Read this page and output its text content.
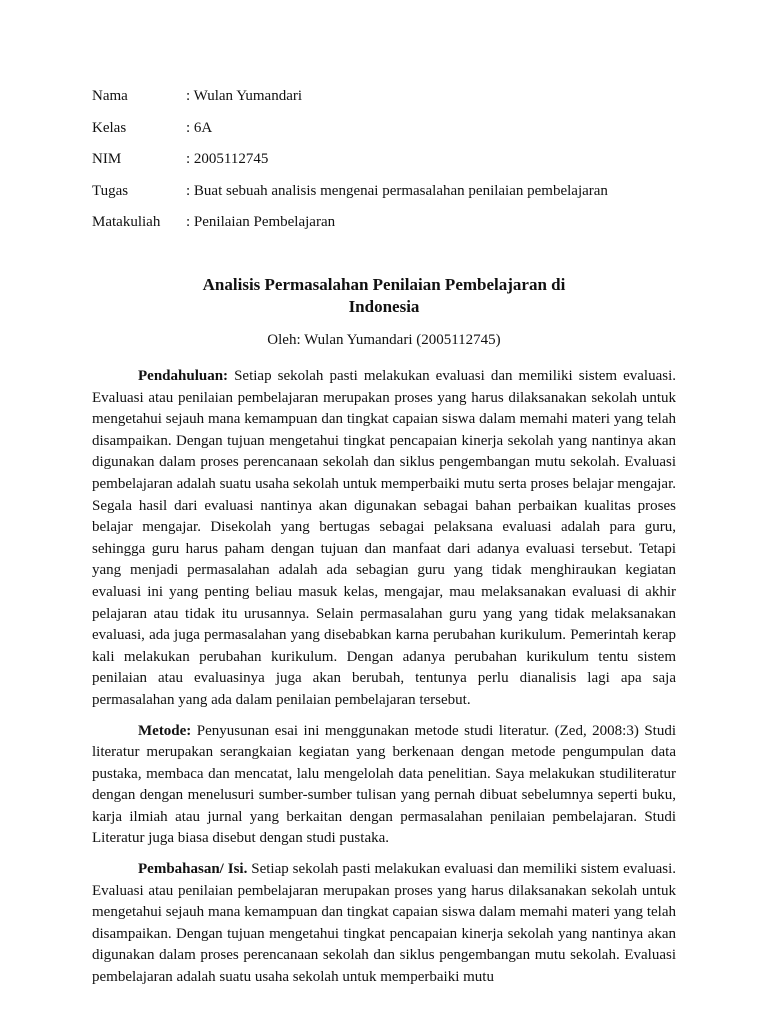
Nama	: Wulan Yumandari
Kelas	: 6A
NIM	: 2005112745
Tugas	: Buat sebuah analisis mengenai permasalahan penilaian pembelajaran
Matakuliah	: Penilaian Pembelajaran
Analisis Permasalahan Penilaian Pembelajaran di
Indonesia
Oleh: Wulan Yumandari (2005112745)

Pendahuluan: Setiap sekolah pasti melakukan evaluasi dan memiliki sistem evaluasi. Evaluasi atau penilaian pembelajaran merupakan proses yang harus dilaksanakan sekolah untuk mengetahui sejauh mana kemampuan dan tingkat capaian siswa dalam memahi materi yang telah disampaikan. Dengan tujuan mengetahui tingkat pencapaian kinerja sekolah yang nantinya akan digunakan dalam proses perencanaan sekolah dan siklus pengembangan mutu sekolah. Evaluasi pembelajaran adalah suatu usaha sekolah untuk memperbaiki mutu serta proses belajar mengajar. Segala hasil dari evaluasi nantinya akan digunakan sebagai bahan perbaikan kualitas proses belajar mengajar. Disekolah yang bertugas sebagai pelaksana evaluasi adalah para guru, sehingga guru harus paham dengan tujuan dan manfaat dari adanya evaluasi tersebut. Tetapi yang menjadi permasalahan adalah ada sebagian guru yang tidak menghiraukan kegiatan evaluasi ini yang penting beliau masuk kelas, mengajar, mau melaksanakan evaluasi di akhir pelajaran atau tidak itu urusannya. Selain permasalahan guru yang yang tidak melaksanakan evaluasi, ada juga permasalahan yang disebabkan karna perubahan kurikulum. Pemerintah kerap kali melakukan perubahan kurikulum. Dengan adanya perubahan kurikulum tentu sistem penilaian atau evaluasinya juga akan berubah, tentunya perlu dianalisis lagi apa saja permasalahan yang ada dalam penilaian pembelajaran tersebut.

Metode: Penyusunan esai ini menggunakan metode studi literatur. (Zed, 2008:3) Studi literatur merupakan serangkaian kegiatan yang berkenaan dengan metode pengumpulan data pustaka, membaca dan mencatat, lalu mengelolah data penelitian. Saya melakukan studiliteratur dengan dengan menelusuri sumber-sumber tulisan yang pernah dibuat sebelumnya seperti buku, karja ilmiah atau jurnal yang berkaitan dengan permasalahan penilaian pembelajaran. Studi Literatur juga biasa disebut dengan studi pustaka.

Pembahasan/ Isi. Setiap sekolah pasti melakukan evaluasi dan memiliki sistem evaluasi. Evaluasi atau penilaian pembelajaran merupakan proses yang harus dilaksanakan sekolah untuk mengetahui sejauh mana kemampuan dan tingkat capaian siswa dalam memahi materi yang telah disampaikan. Dengan tujuan mengetahui tingkat pencapaian kinerja sekolah yang nantinya akan digunakan dalam proses perencanaan sekolah dan siklus pengembangan mutu sekolah. Evaluasi pembelajaran adalah suatu usaha sekolah untuk memperbaiki mutu
